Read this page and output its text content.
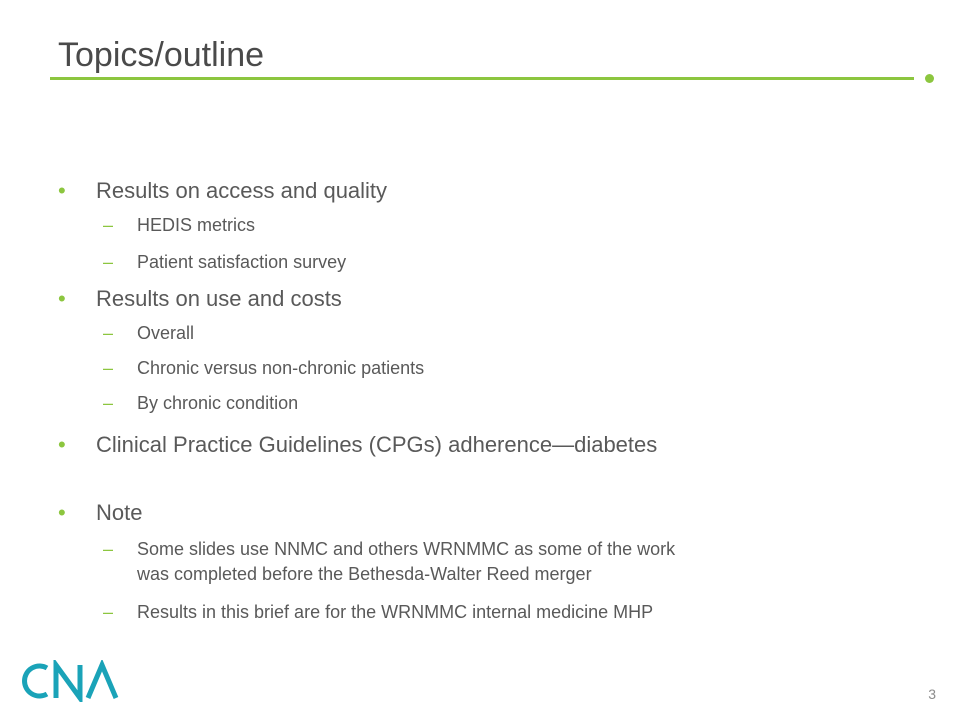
Topics/outline
• Results on access and quality
– HEDIS metrics
– Patient satisfaction survey
• Results on use and costs
– Overall
– Chronic versus non-chronic patients
– By chronic condition
• Clinical Practice Guidelines (CPGs) adherence—diabetes
• Note
– Some slides use NNMC and others WRNMMC as some of the work was completed before the Bethesda-Walter Reed merger
– Results in this brief are for the WRNMMC internal medicine MHP
3
